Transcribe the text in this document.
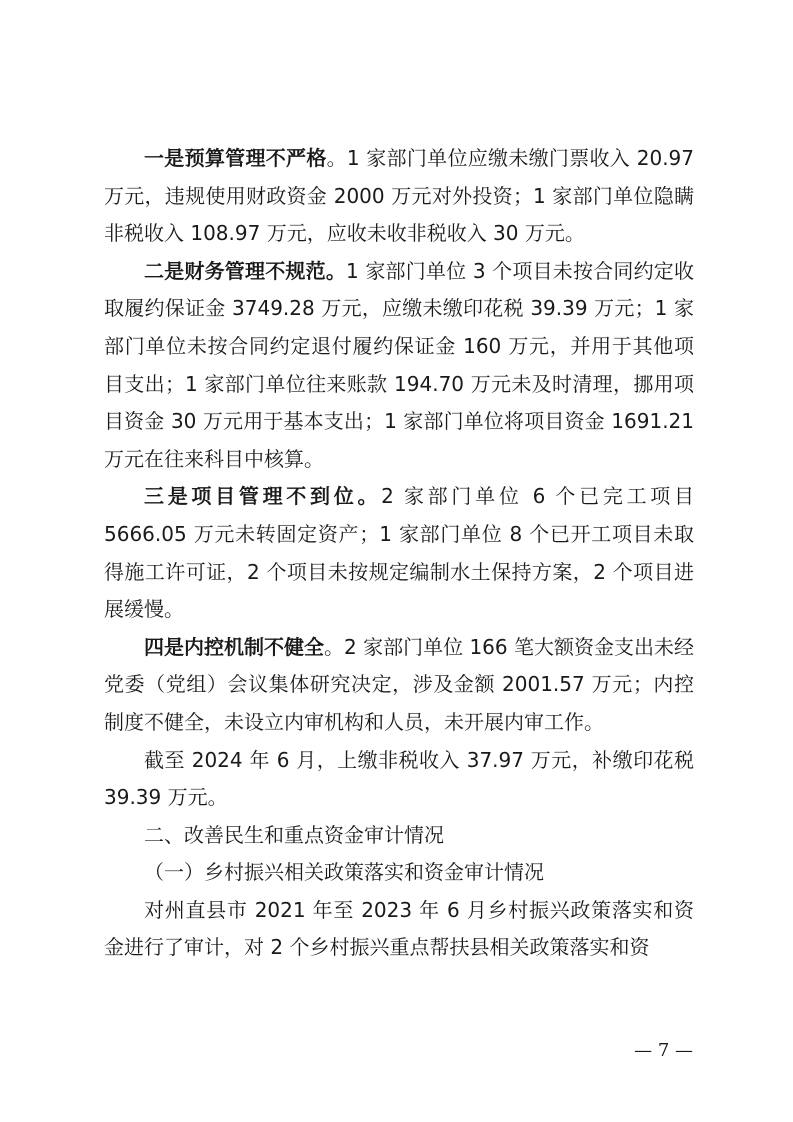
一是预算管理不严格。1 家部门单位应缴未缴门票收入 20.97 万元，违规使用财政资金 2000 万元对外投资；1 家部门单位隐瞒非税收入 108.97 万元，应收未收非税收入 30 万元。

二是财务管理不规范。1 家部门单位 3 个项目未按合同约定收取履约保证金 3749.28 万元，应缴未缴印花税 39.39 万元；1 家部门单位未按合同约定退付履约保证金 160 万元，并用于其他项目支出；1 家部门单位往来账款 194.70 万元未及时清理，挪用项目资金 30 万元用于基本支出；1 家部门单位将项目资金 1691.21 万元在往来科目中核算。

三是项目管理不到位。2 家部门单位 6 个已完工项目 5666.05 万元未转固定资产；1 家部门单位 8 个已开工项目未取得施工许可证，2 个项目未按规定编制水土保持方案，2 个项目进展缓慢。

四是内控机制不健全。2 家部门单位 166 笔大额资金支出未经党委（党组）会议集体研究决定，涉及金额 2001.57 万元；内控制度不健全，未设立内审机构和人员，未开展内审工作。

截至 2024 年 6 月，上缴非税收入 37.97 万元，补缴印花税 39.39 万元。

二、改善民生和重点资金审计情况

（一）乡村振兴相关政策落实和资金审计情况

对州直县市 2021 年至 2023 年 6 月乡村振兴政策落实和资金进行了审计，对 2 个乡村振兴重点帮扶县相关政策落实和资

— 7 —
